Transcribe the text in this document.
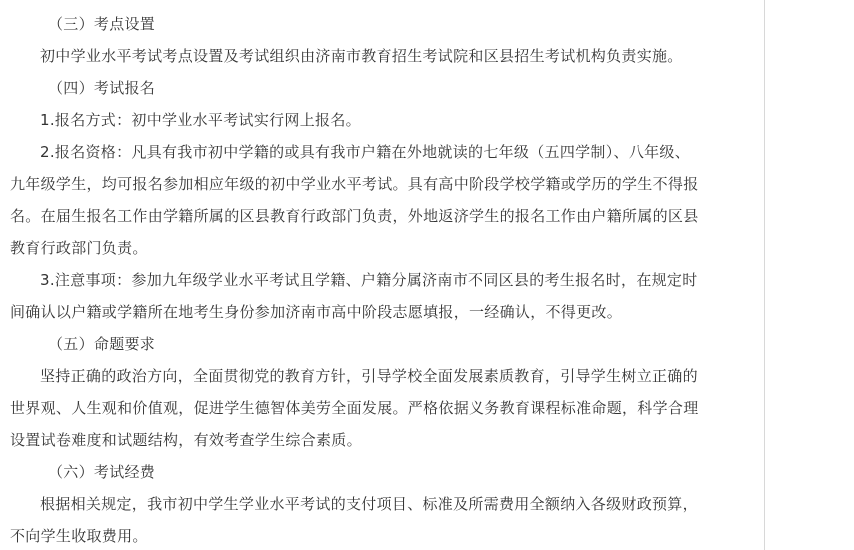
（三）考点设置
初中学业水平考试考点设置及考试组织由济南市教育招生考试院和区县招生考试机构负责实施。
（四）考试报名
1.报名方式：初中学业水平考试实行网上报名。
2.报名资格：凡具有我市初中学籍的或具有我市户籍在外地就读的七年级（五四学制）、八年级、
九年级学生，均可报名参加相应年级的初中学业水平考试。具有高中阶段学校学籍或学历的学生不得报
名。在届生报名工作由学籍所属的区县教育行政部门负责，外地返济学生的报名工作由户籍所属的区县
教育行政部门负责。
3.注意事项：参加九年级学业水平考试且学籍、户籍分属济南市不同区县的考生报名时，在规定时
间确认以户籍或学籍所在地考生身份参加济南市高中阶段志愿填报，一经确认，不得更改。
（五）命题要求
坚持正确的政治方向，全面贯彻党的教育方针，引导学校全面发展素质教育，引导学生树立正确的
世界观、人生观和价值观，促进学生德智体美劳全面发展。严格依据义务教育课程标准命题，科学合理
设置试卷难度和试题结构，有效考查学生综合素质。
（六）考试经费
根据相关规定，我市初中学生学业水平考试的支付项目、标准及所需费用全额纳入各级财政预算，
不向学生收取费用。
